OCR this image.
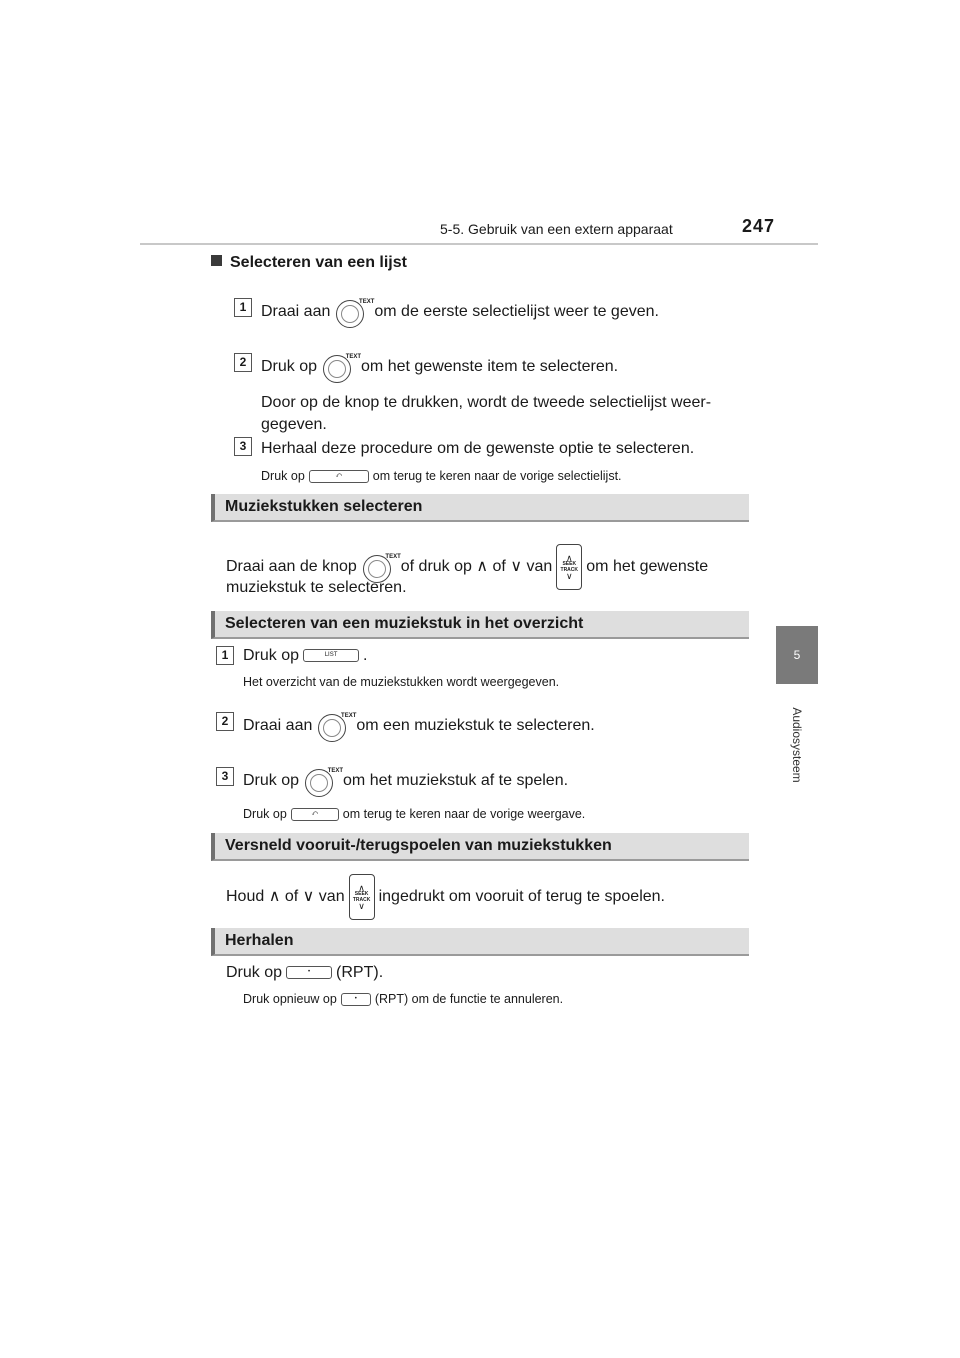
5-5. Gebruik van een extern apparaat	247
5
Audiosysteem
Selecteren van een lijst
1 Draai aan
TEXT
om de eerste selectielijst weer te geven.
2 Druk op
TEXT
om het gewenste item te selecteren.
Door op de knop te drukken, wordt de tweede selectielijst weer-
gegeven.
3 Herhaal deze procedure om de gewenste optie te selecteren.
Druk op	⤺ om terug te keren naar de vorige selectielijst.
Muziekstukken selecteren
Draai aan de knop
TEXT
of druk op ∧ of ∨ van
∧
SEEK
TRACK
∨
om het gewenste
muziekstuk te selecteren.
Selecteren van een muziekstuk in het overzicht
1 Druk op	LIST .
Het overzicht van de muziekstukken wordt weergegeven.
2 Draai aan
TEXT
om een muziekstuk te selecteren.
3 Druk op
TEXT
om het muziekstuk af te spelen.
Druk op	⤺ om terug te keren naar de vorige weergave.
Versneld vooruit-/terugspoelen van muziekstukken
Houd ∧ of ∨ van
∧
SEEK
TRACK
∨
ingedrukt om vooruit of terug te spoelen.
Herhalen
Druk op	• (RPT).
Druk opnieuw op	• (RPT) om de functie te annuleren.
